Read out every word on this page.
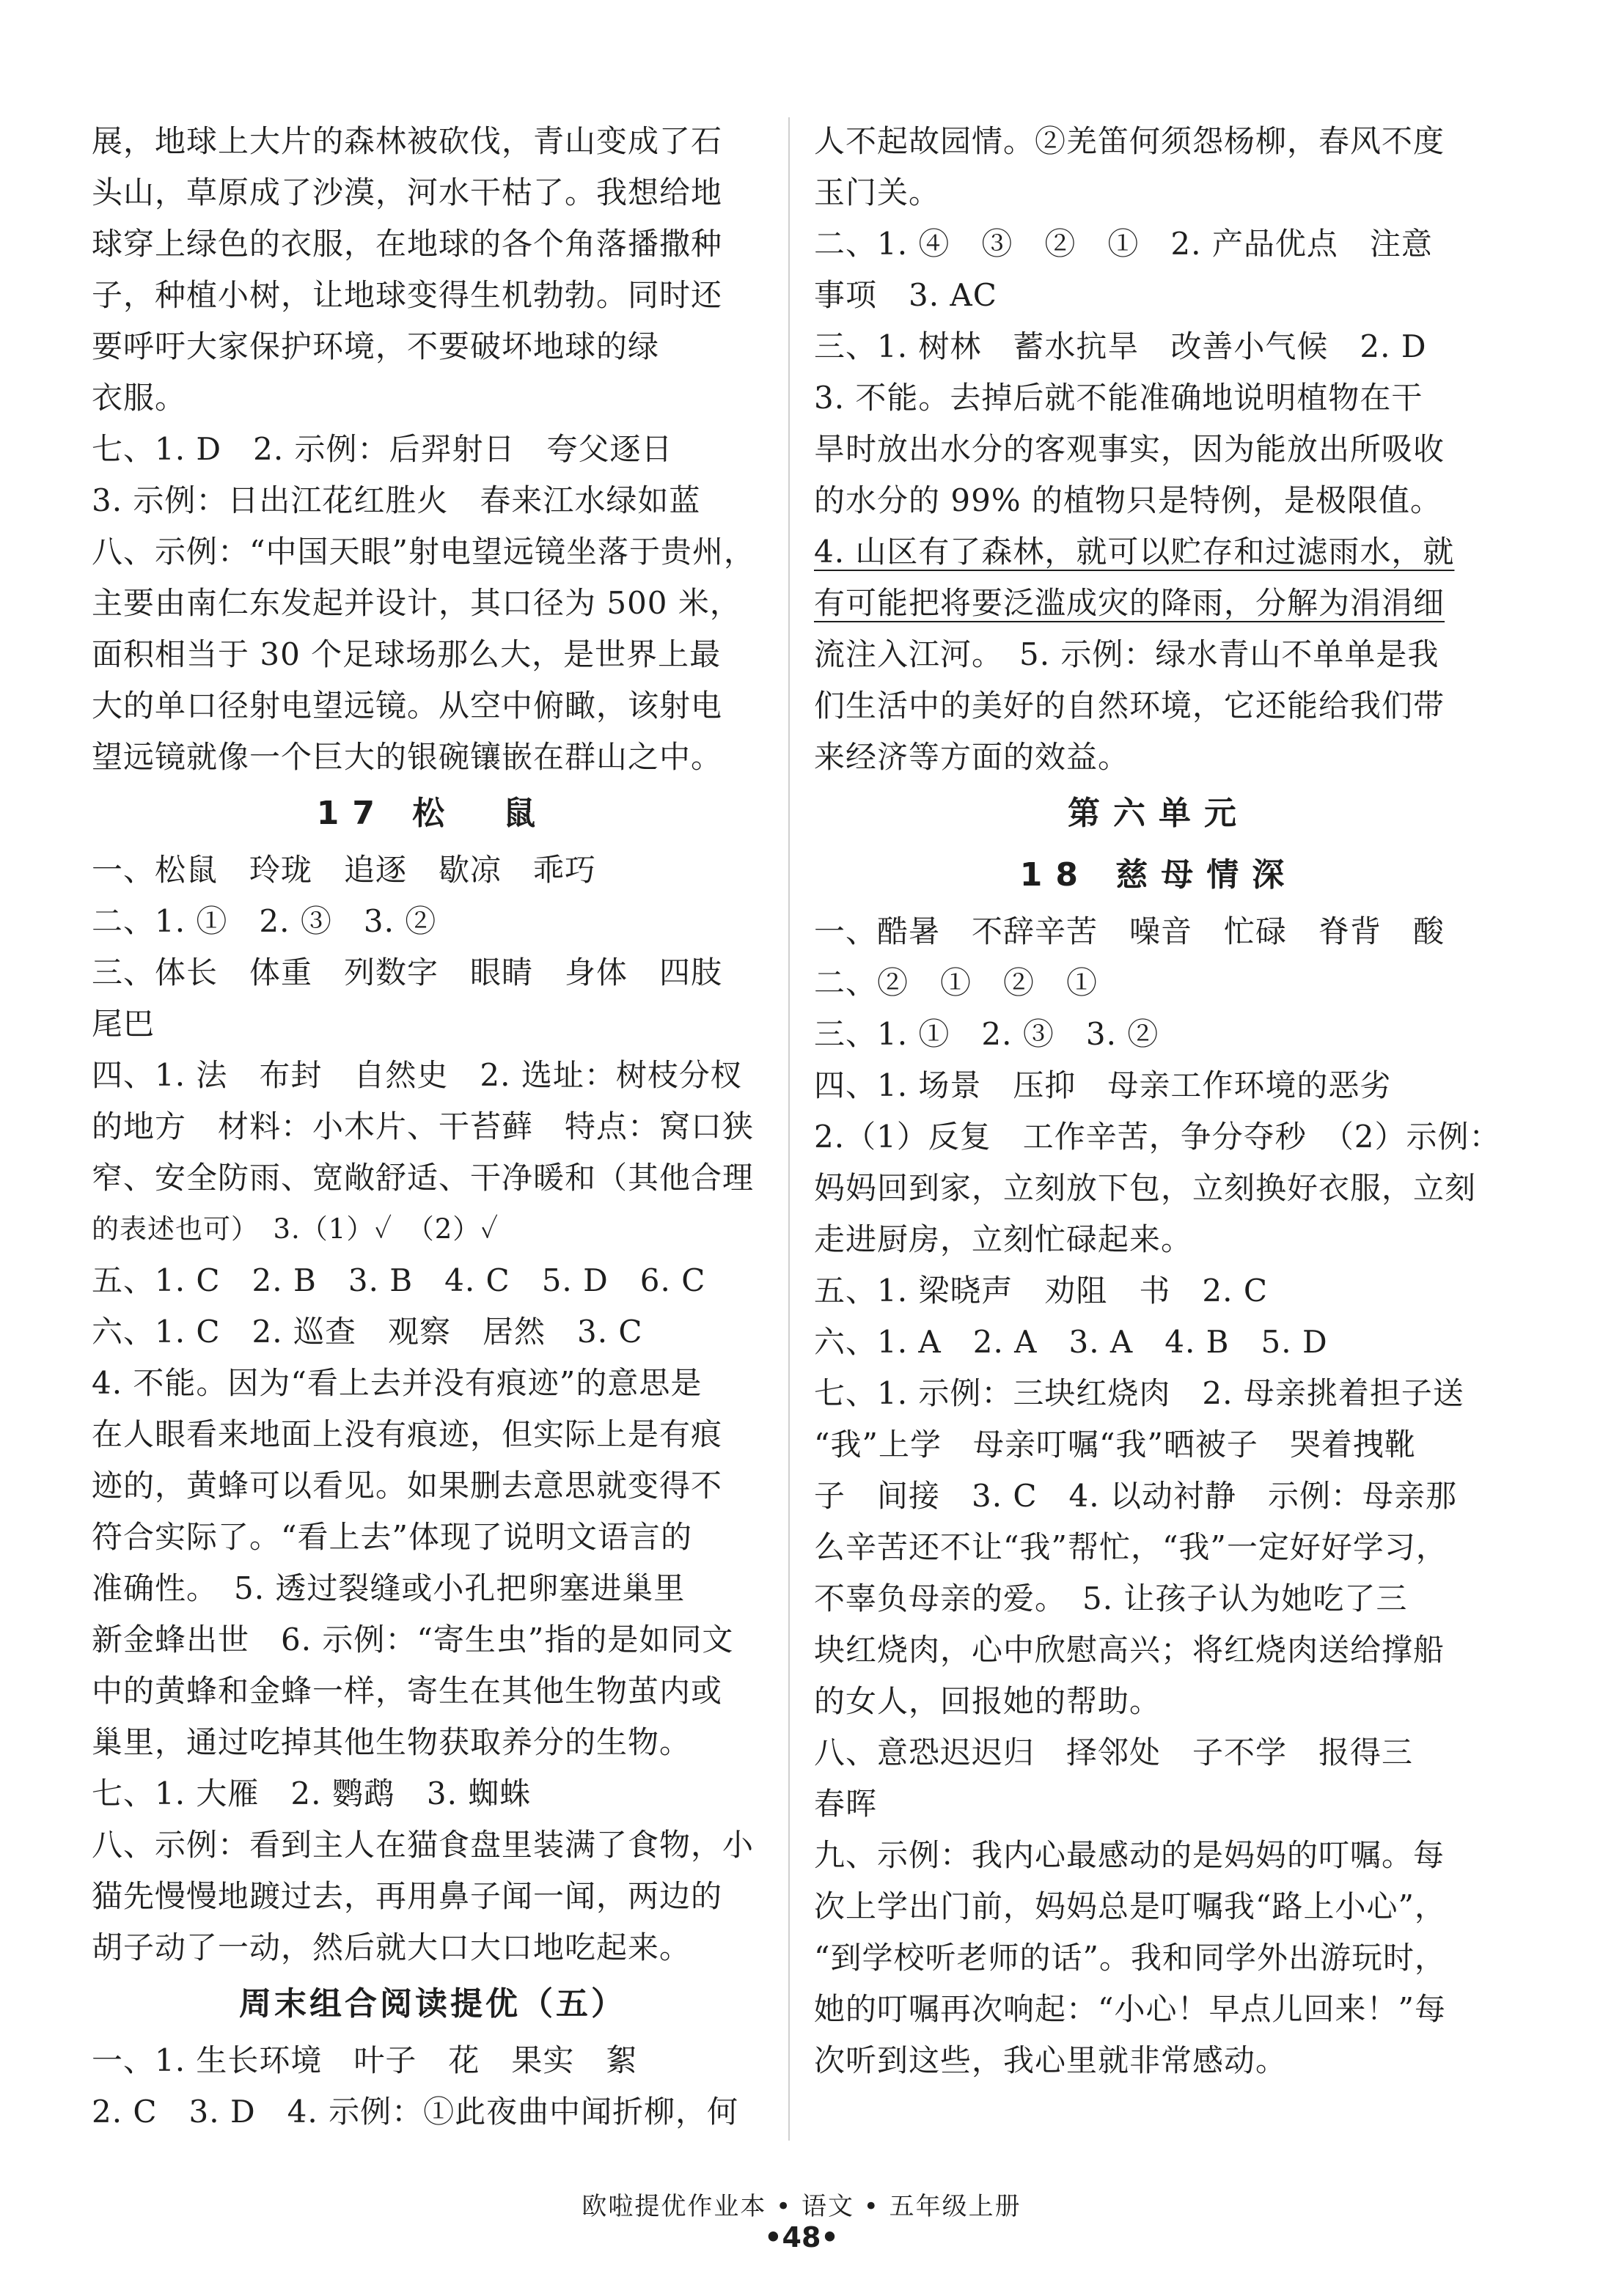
展，地球上大片的森林被砍伐，青山变成了石
头山，草原成了沙漠，河水干枯了。我想给地
球穿上绿色的衣服，在地球的各个角落播撒种
子，种植小树，让地球变得生机勃勃。同时还
要呼吁大家保护环境，不要破坏地球的绿
衣服。
七、1. D　2. 示例：后羿射日　夸父逐日
3. 示例：日出江花红胜火　春来江水绿如蓝
八、示例：“中国天眼”射电望远镜坐落于贵州，
主要由南仁东发起并设计，其口径为 500 米，
面积相当于 30 个足球场那么大，是世界上最
大的单口径射电望远镜。从空中俯瞰，该射电
望远镜就像一个巨大的银碗镶嵌在群山之中。
17 松　鼠
一、松鼠　玲珑　追逐　歇凉　乖巧
二、1. ①　2. ③　3. ②
三、体长　体重　列数字　眼睛　身体　四肢
尾巴
四、1. 法　布封　自然史　2. 选址：树枝分杈
的地方　材料：小木片、干苔藓　特点：窝口狭
窄、安全防雨、宽敞舒适、干净暖和（其他合理
的表述也可）　3.（1）✓　（2）✓
五、1. C　2. B　3. B　4. C　5. D　6. C
六、1. C　2. 巡查　观察　居然　3. C
4. 不能。因为“看上去并没有痕迹”的意思是
在人眼看来地面上没有痕迹，但实际上是有痕
迹的，黄蜂可以看见。如果删去意思就变得不
符合实际了。“看上去”体现了说明文语言的
准确性。　5. 透过裂缝或小孔把卵塞进巢里
新金蜂出世　6. 示例：“寄生虫”指的是如同文
中的黄蜂和金蜂一样，寄生在其他生物茧内或
巢里，通过吃掉其他生物获取养分的生物。
七、1. 大雁　2. 鹦鹉　3. 蜘蛛
八、示例：看到主人在猫食盘里装满了食物，小
猫先慢慢地踱过去，再用鼻子闻一闻，两边的
胡子动了一动，然后就大口大口地吃起来。
周末组合阅读提优（五）
一、1. 生长环境　叶子　花　果实　絮
2. C　3. D　4. 示例：①此夜曲中闻折柳，何
人不起故园情。②羌笛何须怨杨柳，春风不度
玉门关。
二、1. ④　③　②　①　2. 产品优点　注意
事项　3. AC
三、1. 树林　蓄水抗旱　改善小气候　2. D
3. 不能。去掉后就不能准确地说明植物在干
旱时放出水分的客观事实，因为能放出所吸收
的水分的 99% 的植物只是特例，是极限值。
4. 山区有了森林，就可以贮存和过滤雨水，就
有可能把将要泛滥成灾的降雨，分解为涓涓细
流注入江河。　5. 示例：绿水青山不单单是我
们生活中的美好的自然环境，它还能给我们带
来经济等方面的效益。
第六单元
18 慈母情深
一、酷暑　不辞辛苦　噪音　忙碌　脊背　酸
二、②　①　②　①
三、1. ①　2. ③　3. ②
四、1. 场景　压抑　母亲工作环境的恶劣
2.（1）反复　工作辛苦，争分夺秒　（2）示例：
妈妈回到家，立刻放下包，立刻换好衣服，立刻
走进厨房，立刻忙碌起来。
五、1. 梁晓声　劝阻　书　2. C
六、1. A　2. A　3. A　4. B　5. D
七、1. 示例：三块红烧肉　2. 母亲挑着担子送
“我”上学　母亲叮嘱“我”晒被子　哭着拽靴
子　间接　3. C　4. 以动衬静　示例：母亲那
么辛苦还不让“我”帮忙，“我”一定好好学习，
不辜负母亲的爱。　5. 让孩子认为她吃了三
块红烧肉，心中欣慰高兴；将红烧肉送给撑船
的女人，回报她的帮助。
八、意恐迟迟归　择邻处　子不学　报得三
春晖
九、示例：我内心最感动的是妈妈的叮嘱。每
次上学出门前，妈妈总是叮嘱我“路上小心”，
“到学校听老师的话”。我和同学外出游玩时，
她的叮嘱再次响起：“小心！早点儿回来！”每
次听到这些，我心里就非常感动。
欧啦提优作业本 • 语文 • 五年级上册
•48•
